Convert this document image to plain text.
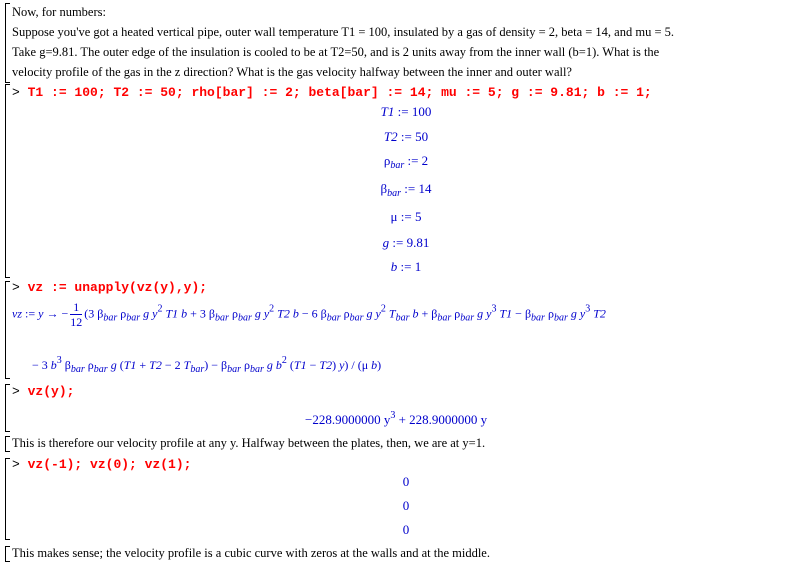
Now, for numbers:

Suppose you've got a heated vertical pipe, outer wall temperature T1 = 100, insulated by a gas of density = 2, beta = 14, and mu = 5.

Take g=9.81. The outer edge of the insulation is cooled to be at T2=50, and is 2 units away from the inner wall (b=1). What is the

velocity profile of the gas in the z direction? What is the gas velocity halfway between the inner and outer wall?

> T1 := 100; T2 := 50; rho[bar] := 2; beta[bar] := 14; mu := 5; g := 9.81; b := 1;
T1 := 100
T2 := 50
$\rho_{bar}$ := 2
$\beta_{bar}$ := 14
μ := 5
g := 9.81
b := 1
> vz := unapply(vz(y),y);
vz := y → − $\frac{1}{12} (3$ $\beta_{bar}$ $\rho_{bar}$ g $y^2$ T1 b + 3 $\beta_{bar}$ $\rho_{bar}$ g $y^2$ T2 b − 6 $\beta_{bar}$ $\rho_{bar}$ g $y^2$ $T_{bar}$ $b + \beta_{bar}$ $\rho_{bar}$ g $y^3$ $T1 - \beta_{bar}$ $\rho_{bar}$ g $y^3$ T2
− 3 $b^3$ $\beta_{bar}$ $\rho_{bar}$ g (T1 + T2 − 2 $T_{bar}) - \beta_{bar}$ $\rho_{bar}$ g $b^2$ (T1 − T2) y) / (μ b)
> vz(y);
−228.9000000 $y^3 + 228.9000000$ y
This is therefore our velocity profile at any y. Halfway between the plates, then, we are at y=1.
> vz(-1); vz(0); vz(1);
0
0
0
This makes sense; the velocity profile is a cubic curve with zeros at the walls and at the middle.
